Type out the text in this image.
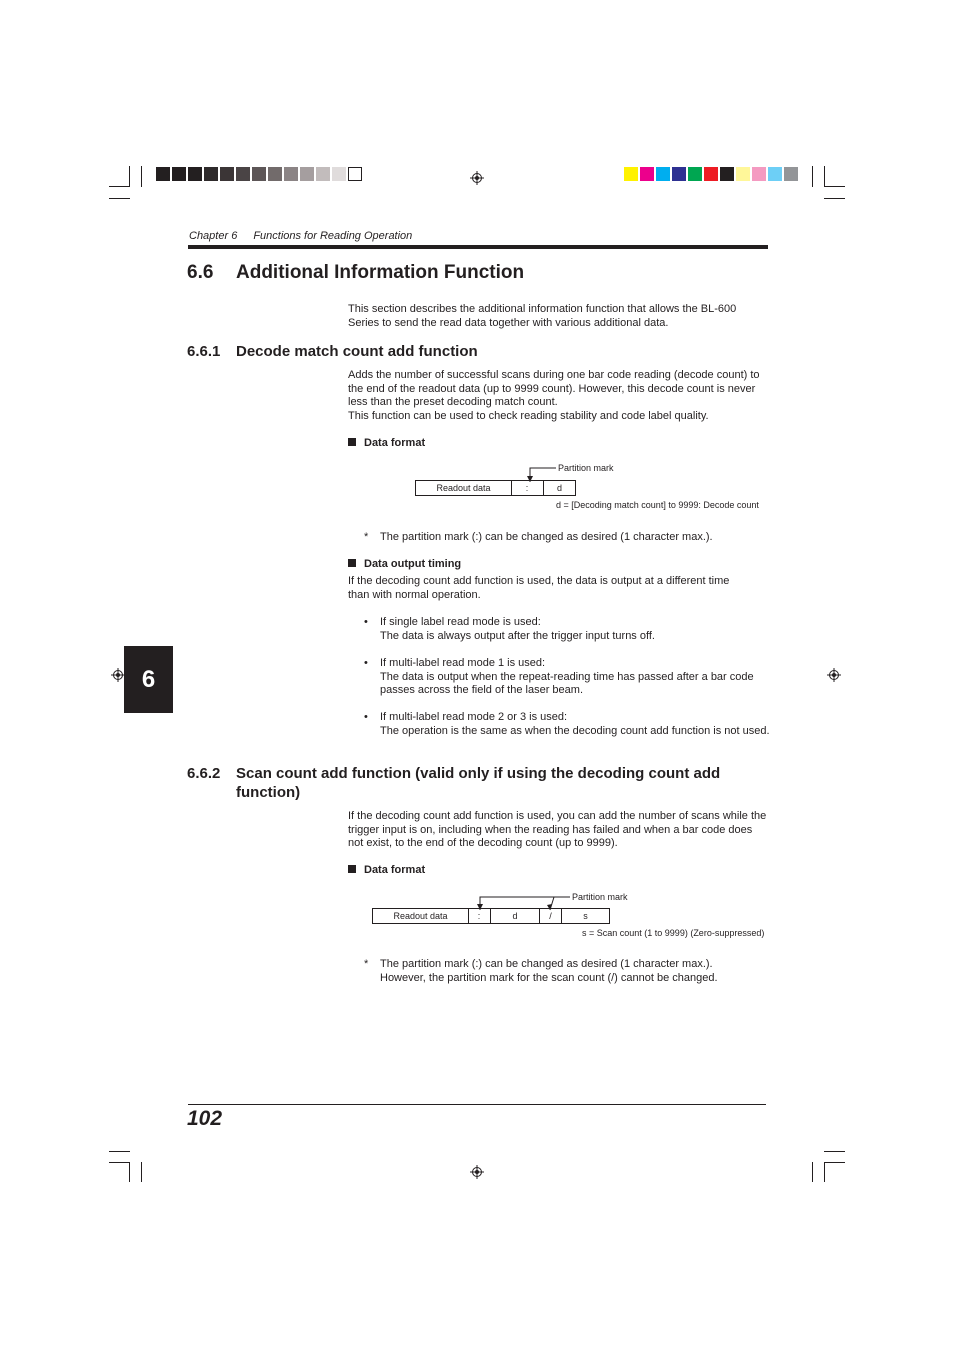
Chapter 6 Functions for Reading Operation
6.6 Additional Information Function

This section describes the additional information function that allows the BL-600 Series to send the read data together with various additional data.

6.6.1 Decode match count add function

Adds the number of successful scans during one bar code reading (decode count) to the end of the readout data (up to 9999 count). However, this decode count is never less than the preset decoding match count.

This function can be used to check reading stability and code label quality.

Data format
Partition mark
Readout data	:	d
d = [Decoding match count] to 9999: Decode count
* The partition mark (:) can be changed as desired (1 character max.).
Data output timing

If the decoding count add function is used, the data is output at a different time than with normal operation.

• If single label read mode is used:
The data is always output after the trigger input turns off.
• If multi-label read mode 1 is used:
The data is output when the repeat-reading time has passed after a bar code passes across the field of the laser beam.
• If multi-label read mode 2 or 3 is used:
The operation is the same as when the decoding count add function is not used.
6
6.6.2 Scan count add function (valid only if using the decoding count add
function)

If the decoding count add function is used, you can add the number of scans while the trigger input is on, including when the reading has failed and when a bar code does not exist, to the end of the decoding count (up to 9999).

Data format
Partition mark
Readout data	:	d	/	s
s = Scan count (1 to 9999) (Zero-suppressed)
* The partition mark (:) can be changed as desired (1 character max.).
However, the partition mark for the scan count (/) cannot be changed.
102
